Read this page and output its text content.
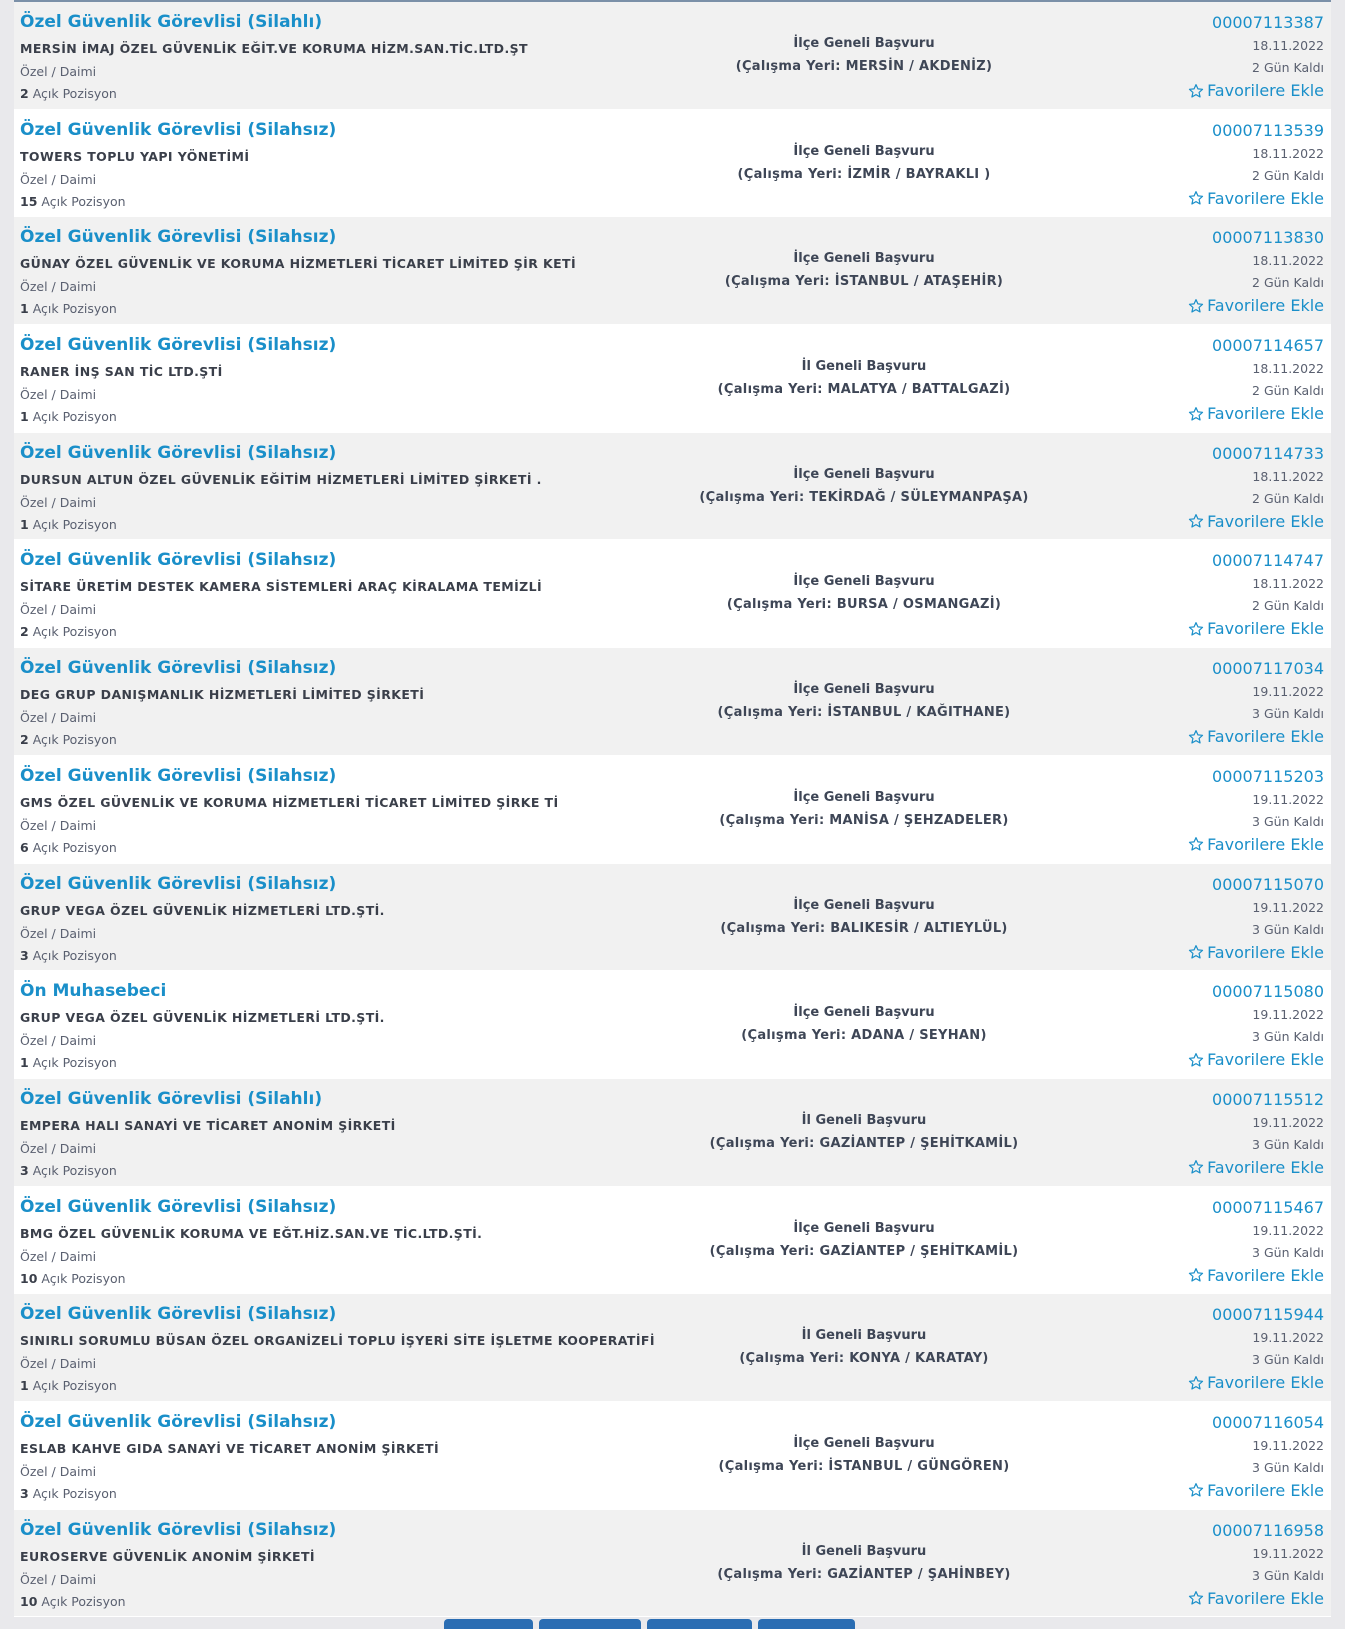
Özel Güvenlik Görevlisi (Silahlı)
MERSİN İMAJ ÖZEL GÜVENLİK EĞİT.VE KORUMA HİZM.SAN.TİC.LTD.ŞT
Özel / Daimi
2 Açık Pozisyon
İlçe Geneli Başvuru
(Çalışma Yeri: MERSİN / AKDENİZ)
00007113387
18.11.2022
2 Gün Kaldı
Favorilere Ekle
Özel Güvenlik Görevlisi (Silahsız)
TOWERS TOPLU YAPI YÖNETİMİ
Özel / Daimi
15 Açık Pozisyon
İlçe Geneli Başvuru
(Çalışma Yeri: İZMİR / BAYRAKLI )
00007113539
18.11.2022
2 Gün Kaldı
Favorilere Ekle
Özel Güvenlik Görevlisi (Silahsız)
GÜNAY ÖZEL GÜVENLİK VE KORUMA HİZMETLERİ TİCARET LİMİTED ŞİR KETİ
Özel / Daimi
1 Açık Pozisyon
İlçe Geneli Başvuru
(Çalışma Yeri: İSTANBUL / ATAŞEHİR)
00007113830
18.11.2022
2 Gün Kaldı
Favorilere Ekle
Özel Güvenlik Görevlisi (Silahsız)
RANER İNŞ SAN TİC LTD.ŞTİ
Özel / Daimi
1 Açık Pozisyon
İl Geneli Başvuru
(Çalışma Yeri: MALATYA / BATTALGAZİ)
00007114657
18.11.2022
2 Gün Kaldı
Favorilere Ekle
Özel Güvenlik Görevlisi (Silahsız)
DURSUN ALTUN ÖZEL GÜVENLİK EĞİTİM HİZMETLERİ LİMİTED ŞİRKETİ .
Özel / Daimi
1 Açık Pozisyon
İlçe Geneli Başvuru
(Çalışma Yeri: TEKİRDAĞ / SÜLEYMANPAŞA)
00007114733
18.11.2022
2 Gün Kaldı
Favorilere Ekle
Özel Güvenlik Görevlisi (Silahsız)
SİTARE ÜRETİM DESTEK KAMERA SİSTEMLERİ ARAÇ KİRALAMA TEMİZLİ
Özel / Daimi
2 Açık Pozisyon
İlçe Geneli Başvuru
(Çalışma Yeri: BURSA / OSMANGAZİ)
00007114747
18.11.2022
2 Gün Kaldı
Favorilere Ekle
Özel Güvenlik Görevlisi (Silahsız)
DEG GRUP DANIŞMANLIK HİZMETLERİ LİMİTED ŞİRKETİ
Özel / Daimi
2 Açık Pozisyon
İlçe Geneli Başvuru
(Çalışma Yeri: İSTANBUL / KAĞITHANE)
00007117034
19.11.2022
3 Gün Kaldı
Favorilere Ekle
Özel Güvenlik Görevlisi (Silahsız)
GMS ÖZEL GÜVENLİK VE KORUMA HİZMETLERİ TİCARET LİMİTED ŞİRKE Tİ
Özel / Daimi
6 Açık Pozisyon
İlçe Geneli Başvuru
(Çalışma Yeri: MANİSA / ŞEHZADELER)
00007115203
19.11.2022
3 Gün Kaldı
Favorilere Ekle
Özel Güvenlik Görevlisi (Silahsız)
GRUP VEGA ÖZEL GÜVENLİK HİZMETLERİ LTD.ŞTİ.
Özel / Daimi
3 Açık Pozisyon
İlçe Geneli Başvuru
(Çalışma Yeri: BALIKESİR / ALTIEYLÜL)
00007115070
19.11.2022
3 Gün Kaldı
Favorilere Ekle
Ön Muhasebeci
GRUP VEGA ÖZEL GÜVENLİK HİZMETLERİ LTD.ŞTİ.
Özel / Daimi
1 Açık Pozisyon
İlçe Geneli Başvuru
(Çalışma Yeri: ADANA / SEYHAN)
00007115080
19.11.2022
3 Gün Kaldı
Favorilere Ekle
Özel Güvenlik Görevlisi (Silahlı)
EMPERA HALI SANAYİ VE TİCARET ANONİM ŞİRKETİ
Özel / Daimi
3 Açık Pozisyon
İl Geneli Başvuru
(Çalışma Yeri: GAZİANTEP / ŞEHİTKAMİL)
00007115512
19.11.2022
3 Gün Kaldı
Favorilere Ekle
Özel Güvenlik Görevlisi (Silahsız)
BMG ÖZEL GÜVENLİK KORUMA VE EĞT.HİZ.SAN.VE TİC.LTD.ŞTİ.
Özel / Daimi
10 Açık Pozisyon
İlçe Geneli Başvuru
(Çalışma Yeri: GAZİANTEP / ŞEHİTKAMİL)
00007115467
19.11.2022
3 Gün Kaldı
Favorilere Ekle
Özel Güvenlik Görevlisi (Silahsız)
SINIRLI SORUMLU BÜSAN ÖZEL ORGANİZELİ TOPLU İŞYERİ SİTE İŞLETME KOOPERATİFİ
Özel / Daimi
1 Açık Pozisyon
İl Geneli Başvuru
(Çalışma Yeri: KONYA / KARATAY)
00007115944
19.11.2022
3 Gün Kaldı
Favorilere Ekle
Özel Güvenlik Görevlisi (Silahsız)
ESLAB KAHVE GIDA SANAYİ VE TİCARET ANONİM ŞİRKETİ
Özel / Daimi
3 Açık Pozisyon
İlçe Geneli Başvuru
(Çalışma Yeri: İSTANBUL / GÜNGÖREN)
00007116054
19.11.2022
3 Gün Kaldı
Favorilere Ekle
Özel Güvenlik Görevlisi (Silahsız)
EUROSERVE GÜVENLİK ANONİM ŞİRKETİ
Özel / Daimi
10 Açık Pozisyon
İl Geneli Başvuru
(Çalışma Yeri: GAZİANTEP / ŞAHİNBEY)
00007116958
19.11.2022
3 Gün Kaldı
Favorilere Ekle
